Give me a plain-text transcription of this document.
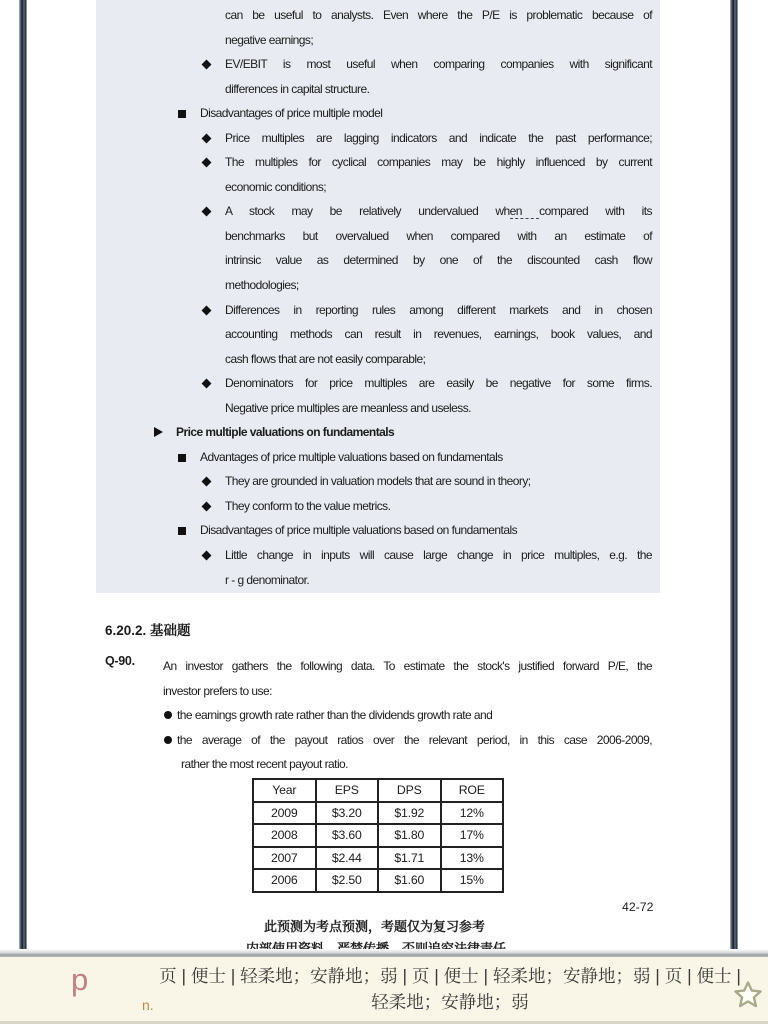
can be useful to analysts. Even where the P/E is problematic because of
negative earnings;
EV/EBIT is most useful when comparing companies with significant
differences in capital structure.
Disadvantages of price multiple model
Price multiples are lagging indicators and indicate the past performance;
The multiples for cyclical companies may be highly influenced by current
economic conditions;
A stock may be relatively undervalued when compared with its
benchmarks but overvalued when compared with an estimate of
intrinsic value as determined by one of the discounted cash flow
methodologies;
Differences in reporting rules among different markets and in chosen
accounting methods can result in revenues, earnings, book values, and
cash flows that are not easily comparable;
Denominators for price multiples are easily be negative for some firms.
Negative price multiples are meanless and useless.
Price multiple valuations on fundamentals
Advantages of price multiple valuations based on fundamentals
They are grounded in valuation models that are sound in theory;
They conform to the value metrics.
Disadvantages of price multiple valuations based on fundamentals
Little change in inputs will cause large change in price multiples, e.g. the
r - g denominator.
6.20.2. 基础题
Q-90.	An investor gathers the following data. To estimate the stock's justified forward P/E, the
investor prefers to use:
the earnings growth rate rather than the dividends growth rate and
the average of the payout ratios over the relevant period, in this case 2006-2009,
rather the most recent payout ratio.
Year	EPS	DPS	ROE
2009	$3.20	$1.92	12%
2008	$3.60	$1.80	17%
2007	$2.44	$1.71	13%
2006	$2.50	$1.60	15%
42-72
此预测为考点预测，考题仅为复习参考
p
n.
页 | 便士 | 轻柔地；安静地；弱 | 页 | 便士 | 轻柔地；安静地；弱 | 页 | 便士 |
轻柔地；安静地；弱
